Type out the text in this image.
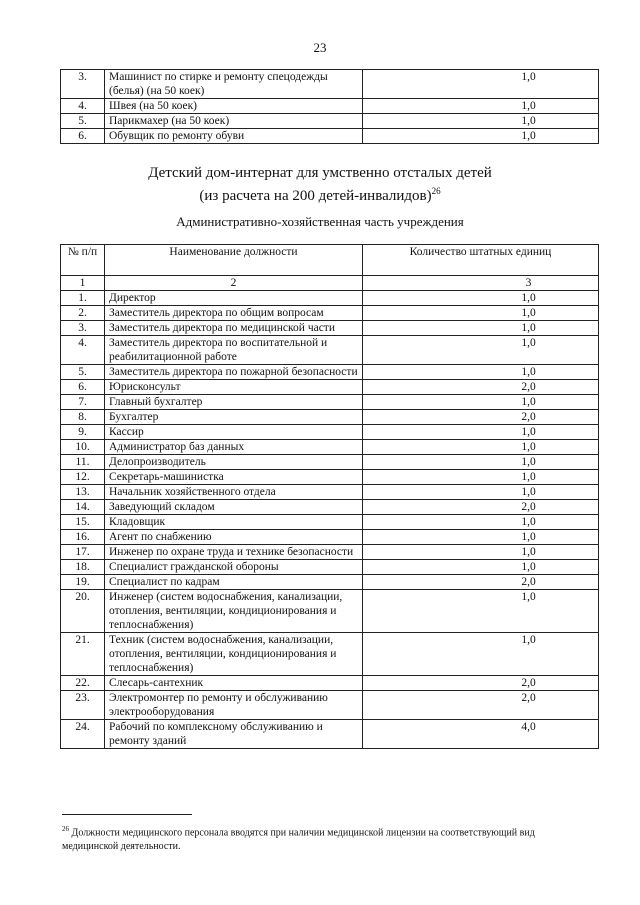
23
3.	Машинист по стирке и ремонту спецодежды (белья) (на 50 коек)	1,0
4.	Швея (на 50 коек)	1,0
5.	Парикмахер (на 50 коек)	1,0
6.	Обувщик по ремонту обуви	1,0
Детский дом-интернат для умственно отсталых детей
(из расчета на 200 детей-инвалидов)$^{26}$
Административно-хозяйственная часть учреждения
№ п/п	Наименование должности	Количество штатных единиц
1	2	3
1.	Директор	1,0
2.	Заместитель директора по общим вопросам	1,0
3.	Заместитель директора по медицинской части	1,0
4.	Заместитель директора по воспитательной и реабилитационной работе	1,0
5.	Заместитель директора по пожарной безопасности	1,0
6.	Юрисконсульт	2,0
7.	Главный бухгалтер	1,0
8.	Бухгалтер	2,0
9.	Кассир	1,0
10.	Администратор баз данных	1,0
11.	Делопроизводитель	1,0
12.	Секретарь-машинистка	1,0
13.	Начальник хозяйственного отдела	1,0
14.	Заведующий складом	2,0
15.	Кладовщик	1,0
16.	Агент по снабжению	1,0
17.	Инженер по охране труда и технике безопасности	1,0
18.	Специалист гражданской обороны	1,0
19.	Специалист по кадрам	2,0
20.	Инженер (систем водоснабжения, канализации, отопления, вентиляции, кондиционирования и теплоснабжения)	1,0
21.	Техник (систем водоснабжения, канализации, отопления, вентиляции, кондиционирования и теплоснабжения)	1,0
22.	Слесарь-сантехник	2,0
23.	Электромонтер по ремонту и обслуживанию электрооборудования	2,0
24.	Рабочий по комплексному обслуживанию и ремонту зданий	4,0
$^{26}$ Должности медицинского персонала вводятся при наличии медицинской лицензии на соответствующий вид медицинской деятельности.
